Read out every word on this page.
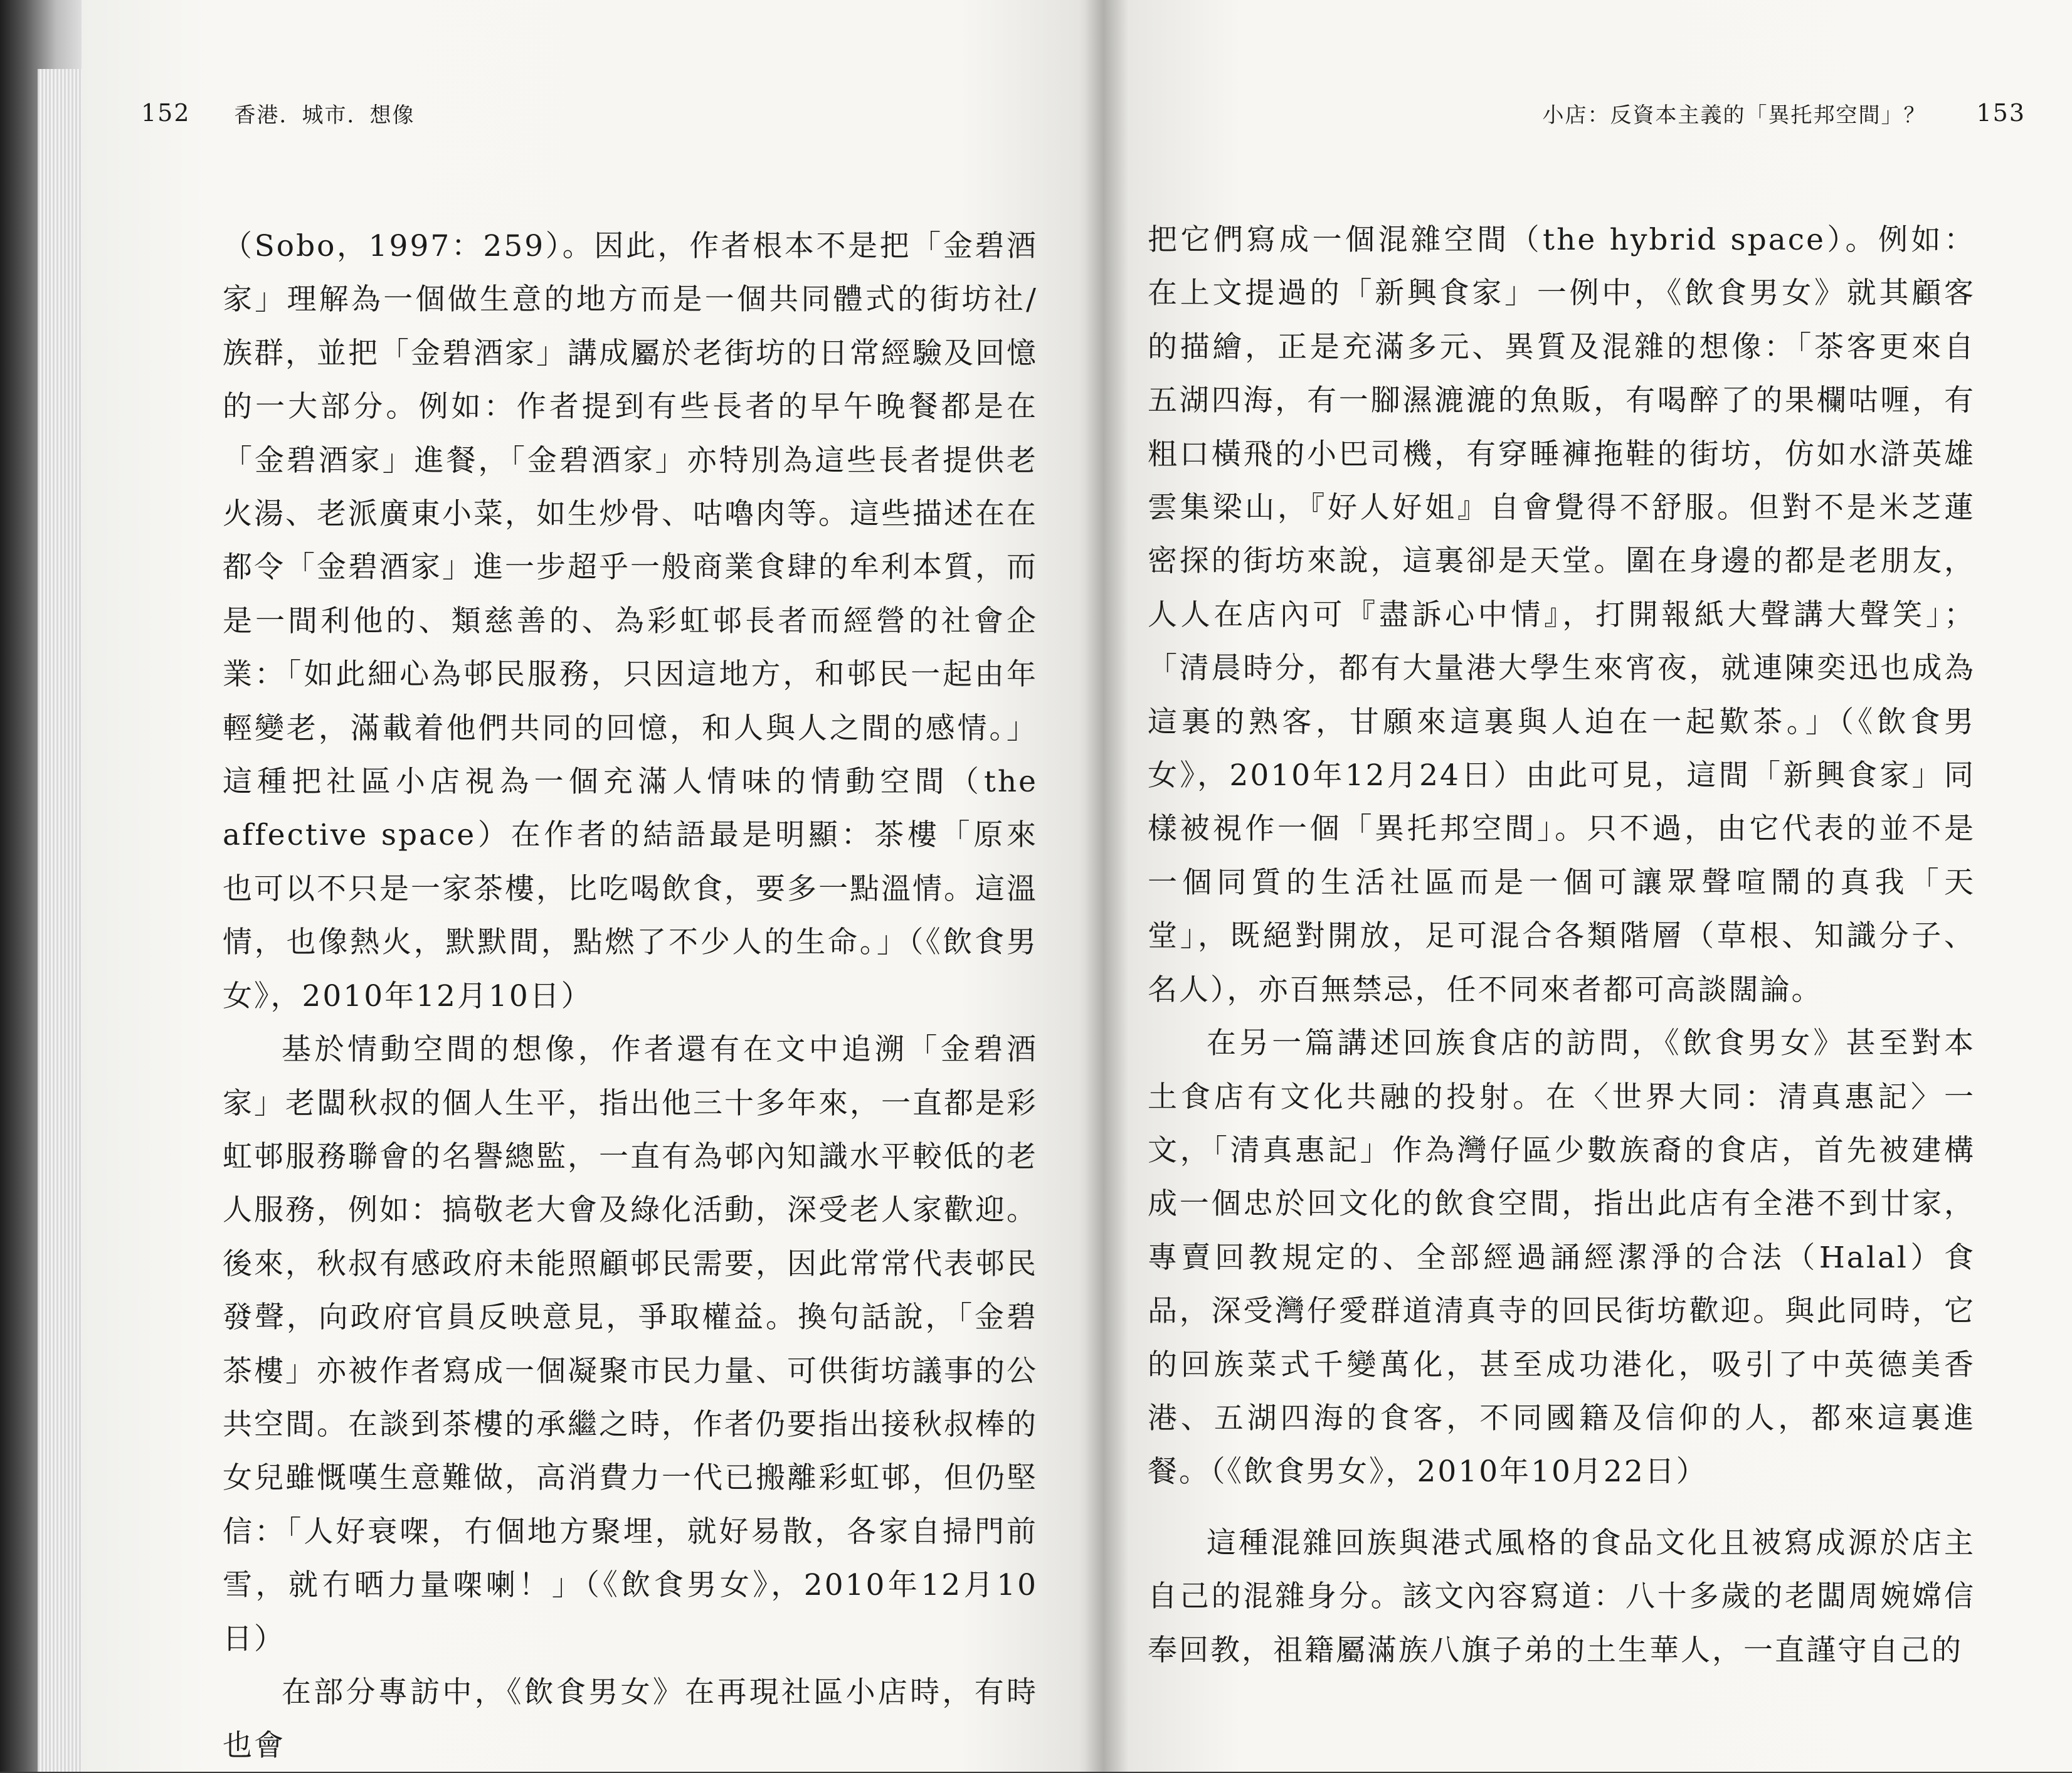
152 香港．城市．想像	小店：反資本主義的「異托邦空間」？ 153

（Sobo，1997：259）。因此，作者根本不是把「金碧酒家」理解為一個做生意的地方而是一個共同體式的街坊社/族群，並把「金碧酒家」講成屬於老街坊的日常經驗及回憶的一大部分。例如：作者提到有些長者的早午晚餐都是在「金碧酒家」進餐，「金碧酒家」亦特別為這些長者提供老火湯、老派廣東小菜，如生炒骨、咕嚕肉等。這些描述在在都令「金碧酒家」進一步超乎一般商業食肆的牟利本質，而是一間利他的、類慈善的、為彩虹邨長者而經營的社會企業：「如此細心為邨民服務，只因這地方，和邨民一起由年輕變老，滿載着他們共同的回憶，和人與人之間的感情。」這種把社區小店視為一個充滿人情味的情動空間（the affective space）在作者的結語最是明顯：茶樓「原來也可以不只是一家茶樓，比吃喝飲食，要多一點溫情。這溫情，也像熱火，默默間，點燃了不少人的生命。」（《飲食男女》，2010年12月10日）

基於情動空間的想像，作者還有在文中追溯「金碧酒家」老闆秋叔的個人生平，指出他三十多年來，一直都是彩虹邨服務聯會的名譽總監，一直有為邨內知識水平較低的老人服務，例如：搞敬老大會及綠化活動，深受老人家歡迎。後來，秋叔有感政府未能照顧邨民需要，因此常常代表邨民發聲，向政府官員反映意見，爭取權益。換句話說，「金碧茶樓」亦被作者寫成一個凝聚市民力量、可供街坊議事的公共空間。在談到茶樓的承繼之時，作者仍要指出接秋叔棒的女兒雖慨嘆生意難做，高消費力一代已搬離彩虹邨，但仍堅信：「人好衰㗎，冇個地方聚埋，就好易散，各家自掃門前雪，就冇晒力量㗎喇！」（《飲食男女》，2010年12月10日）

在部分專訪中，《飲食男女》在再現社區小店時，有時也會

把它們寫成一個混雜空間（the hybrid space）。例如：在上文提過的「新興食家」一例中，《飲食男女》就其顧客的描繪，正是充滿多元、異質及混雜的想像：「茶客更來自五湖四海，有一腳濕漉漉的魚販，有喝醉了的果欄咕喱，有粗口橫飛的小巴司機，有穿睡褲拖鞋的街坊，仿如水滸英雄雲集梁山，『好人好姐』自會覺得不舒服。但對不是米芝蓮密探的街坊來說，這裏卻是天堂。圍在身邊的都是老朋友，人人在店內可『盡訴心中情』，打開報紙大聲講大聲笑」；「清晨時分，都有大量港大學生來宵夜，就連陳奕迅也成為這裏的熟客，甘願來這裏與人迫在一起歎茶。」（《飲食男女》，2010年12月24日）由此可見，這間「新興食家」同樣被視作一個「異托邦空間」。只不過，由它代表的並不是一個同質的生活社區而是一個可讓眾聲喧鬧的真我「天堂」，既絕對開放，足可混合各類階層（草根、知識分子、名人），亦百無禁忌，任不同來者都可高談闊論。

在另一篇講述回族食店的訪問，《飲食男女》甚至對本土食店有文化共融的投射。在〈世界大同：清真惠記〉一文，「清真惠記」作為灣仔區少數族裔的食店，首先被建構成一個忠於回文化的飲食空間，指出此店有全港不到廿家，專賣回教規定的、全部經過誦經潔淨的合法（Halal）食品，深受灣仔愛群道清真寺的回民街坊歡迎。與此同時，它的回族菜式千變萬化，甚至成功港化，吸引了中英德美香港、五湖四海的食客，不同國籍及信仰的人，都來這裏進餐。（《飲食男女》，2010年10月22日）

這種混雜回族與港式風格的食品文化且被寫成源於店主自己的混雜身分。該文內容寫道：八十多歲的老闆周婉嫦信奉回教，祖籍屬滿族八旗子弟的土生華人，一直謹守自己的
